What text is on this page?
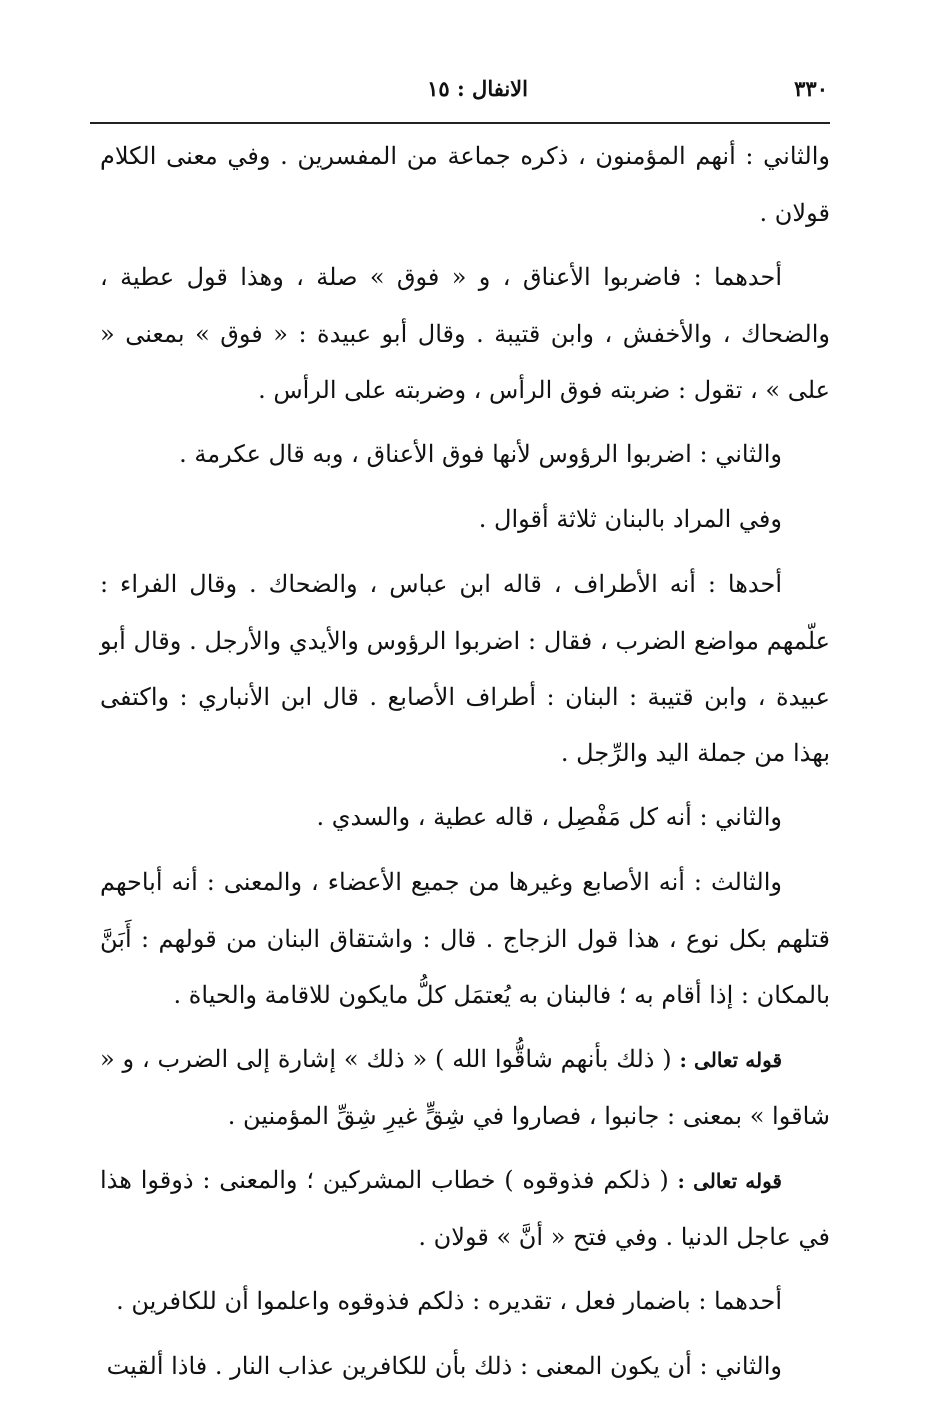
٣٣٠
الانفال : ١٥

والثاني : أنهم المؤمنون ، ذكره جماعة من المفسرين . وفي معنى الكلام قولان .

أحدهما : فاضربوا الأعناق ، و « فوق » صلة ، وهذا قول عطية ، والضحاك ، والأخفش ، وابن قتيبة . وقال أبو عبيدة : « فوق » بمعنى « على » ، تقول : ضربته فوق الرأس ، وضربته على الرأس .

والثاني : اضربوا الرؤوس لأنها فوق الأعناق ، وبه قال عكرمة .

وفي المراد بالبنان ثلاثة أقوال .

أحدها : أنه الأطراف ، قاله ابن عباس ، والضحاك . وقال الفراء : علّمهم مواضع الضرب ، فقال : اضربوا الرؤوس والأيدي والأرجل . وقال أبو عبيدة ، وابن قتيبة : البنان : أطراف الأصابع . قال ابن الأنباري : واكتفى بهذا من جملة اليد والرِّجل .

والثاني : أنه كل مَفْصِل ، قاله عطية ، والسدي .

والثالث : أنه الأصابع وغيرها من جميع الأعضاء ، والمعنى : أنه أباحهم قتلهم بكل نوع ، هذا قول الزجاج . قال : واشتقاق البنان من قولهم : أَبَنَّ بالمكان : إذا أقام به ؛ فالبنان به يُعتمَل كلُّ مايكون للاقامة والحياة .

قوله تعالى : ( ذلك بأنهم شاقُّوا الله ) « ذلك » إشارة إلى الضرب ، و « شاقوا » بمعنى : جانبوا ، فصاروا في شِقٍّ غيرِ شِقِّ المؤمنين .

قوله تعالى : ( ذلكم فذوقوه ) خطاب المشركين ؛ والمعنى : ذوقوا هذا في عاجل الدنيا . وفي فتح « أنَّ » قولان .

أحدهما : باضمار فعل ، تقديره : ذلكم فذوقوه واعلموا أن للكافرين .

والثاني : أن يكون المعنى : ذلك بأن للكافرين عذاب النار . فاذا ألقيت
